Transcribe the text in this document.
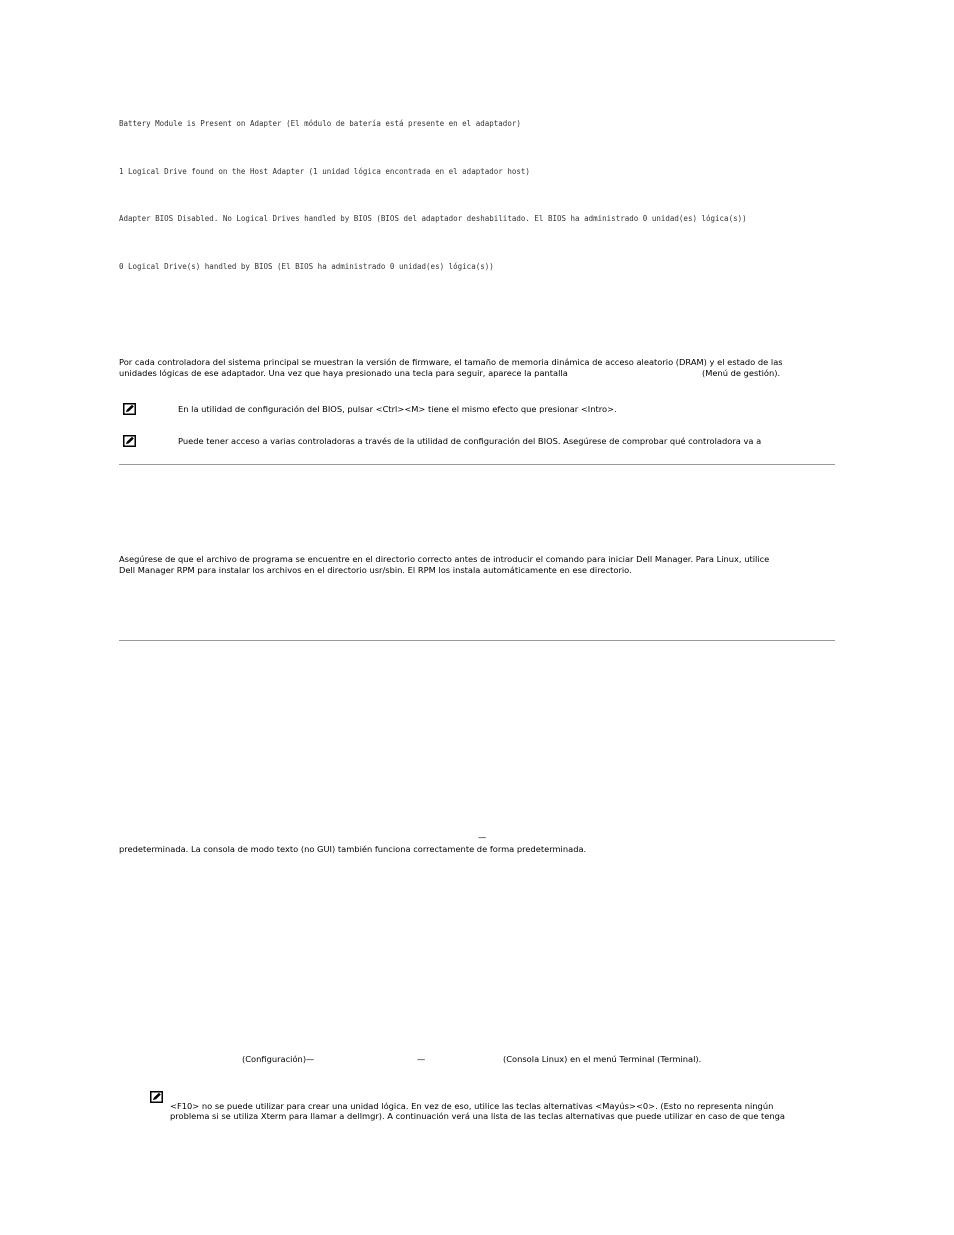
Battery Module is Present on Adapter (El módulo de batería está presente en el adaptador)
1 Logical Drive found on the Host Adapter (1 unidad lógica encontrada en el adaptador host)
Adapter BIOS Disabled. No Logical Drives handled by BIOS (BIOS del adaptador deshabilitado. El BIOS ha administrado 0 unidad(es) lógica(s))
0 Logical Drive(s) handled by BIOS (El BIOS ha administrado 0 unidad(es) lógica(s))
Por cada controladora del sistema principal se muestran la versión de firmware, el tamaño de memoria dinámica de acceso aleatorio (DRAM) y el estado de las
unidades lógicas de ese adaptador. Una vez que haya presionado una tecla para seguir, aparece la pantalla	(Menú de gestión).
En la utilidad de configuración del BIOS, pulsar <Ctrl><M> tiene el mismo efecto que presionar <Intro>.
Puede tener acceso a varias controladoras a través de la utilidad de configuración del BIOS. Asegúrese de comprobar qué controladora va a
Asegúrese de que el archivo de programa se encuentre en el directorio correcto antes de introducir el comando para iniciar Dell Manager. Para Linux, utilice
Dell Manager RPM para instalar los archivos en el directorio usr/sbin. El RPM los instala automáticamente en ese directorio.
—
predeterminada. La consola de modo texto (no GUI) también funciona correctamente de forma predeterminada.
(Configuración)—	—	(Consola Linux) en el menú Terminal (Terminal).
<F10> no se puede utilizar para crear una unidad lógica. En vez de eso, utilice las teclas alternativas <Mayús><0>. (Esto no representa ningún
problema si se utiliza Xterm para llamar a dellmgr). A continuación verá una lista de las teclas alternativas que puede utilizar en caso de que tenga
